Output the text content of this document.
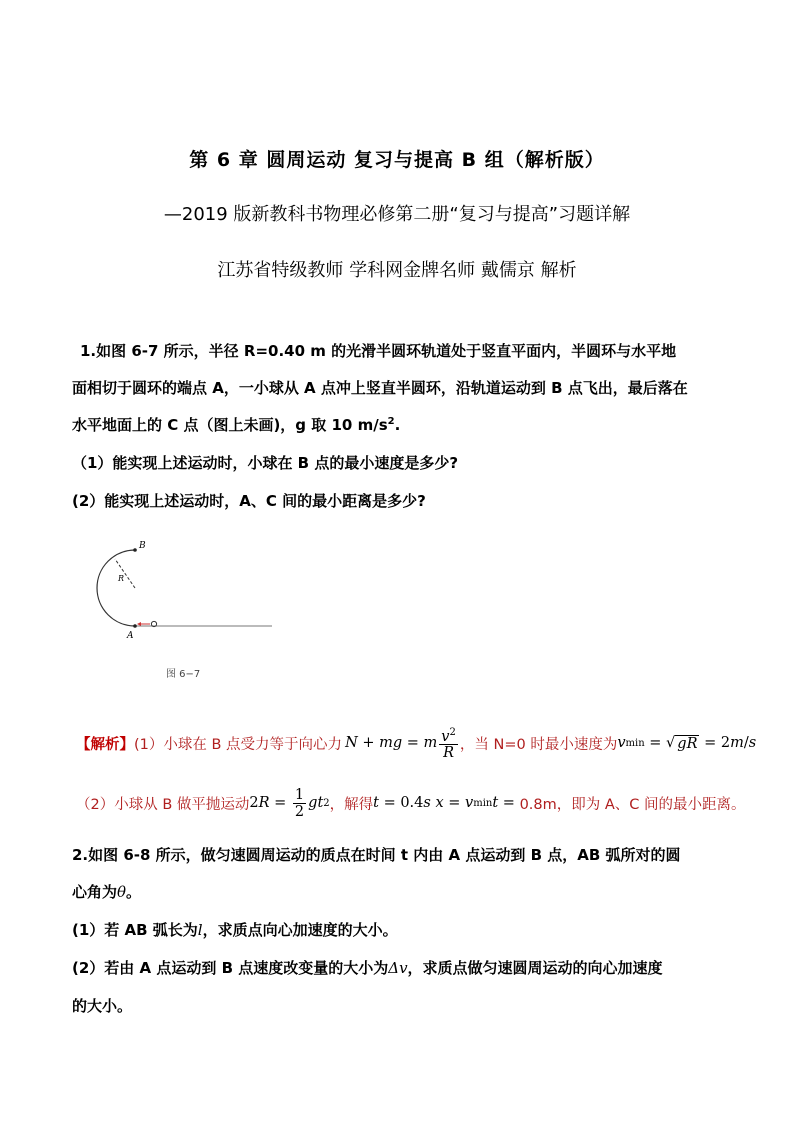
第 6 章 圆周运动 复习与提高 B 组（解析版）
—2019 版新教科书物理必修第二册“复习与提高”习题详解
江苏省特级教师 学科网金牌名师 戴儒京 解析
1.如图 6-7 所示，半径 R=0.40 m 的光滑半圆环轨道处于竖直平面内，半圆环与水平地
面相切于圆环的端点 A，一小球从 A 点冲上竖直半圆环，沿轨道运动到 B 点飞出，最后落在
水平地面上的 C 点（图上未画)，g 取 10 $m/s^2$.
（1）能实现上述运动时，小球在 B 点的最小速度是多少?
(2）能实现上述运动时，A、C 间的最小距离是多少?
B
R
A
图 6−7
【解析】 (1）小球在 B 点受力等于向心力 N + mg = m $\frac{v^2}{R}$ ，当 N=0 时最小速度为 v min = √ gR = 2 m / s
（2）小球从 B 做平抛运动 2 $R = \frac{1}{2}$ gt 2 ，解得 t = 0.4 s
x = v min t = 0.8m，即为 A、C 间的最小距离。
2.如图 6-8 所示，做匀速圆周运动的质点在时间 t 内由 A 点运动到 B 点，AB 弧所对的圆
心角为θ。
(1）若 AB 弧长为l，求质点向心加速度的大小。
(2）若由 A 点运动到 B 点速度改变量的大小为Δv，求质点做匀速圆周运动的向心加速度
的大小。
